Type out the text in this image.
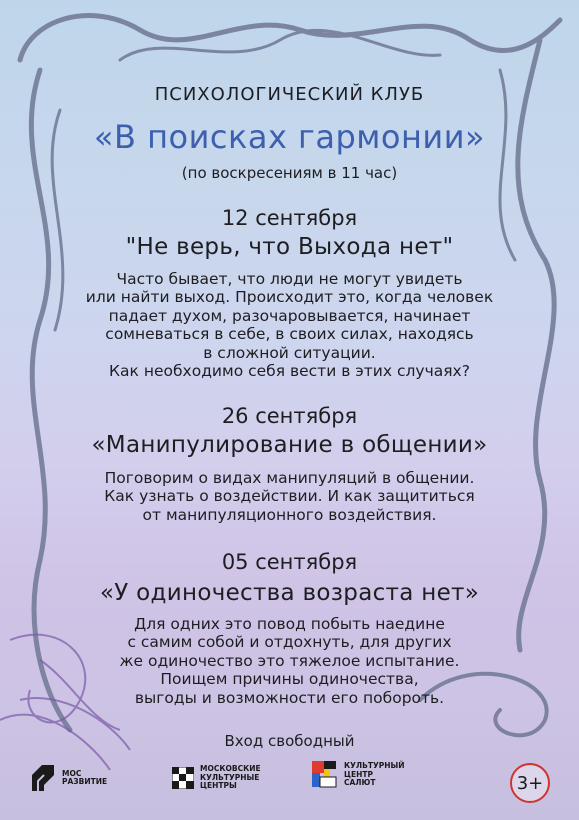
ПСИХОЛОГИЧЕСКИЙ КЛУБ
«В поисках гармонии»
(по воскресениям в 11 час)
12 сентября
"Не верь, что Выхода нет"
Часто бывает, что люди не могут увидеть
или найти выход. Происходит это, когда человек
падает духом, разочаровывается, начинает
сомневаться в себе, в своих силах, находясь
в сложной ситуации.
Как необходимо себя вести в этих случаях?
26 сентября
«Манипулирование в общении»
Поговорим о видах манипуляций в общении.
Как узнать о воздействии. И как защититься
от манипуляционного воздействия.
05 сентября
«У одиночества возраста нет»
Для одних это повод побыть наедине
с самим собой и отдохнуть, для других
же одиночество это тяжелое испытание.
Поищем причины одиночества,
выгоды и возможности его побороть.
Вход свободный
МОС
РАЗВИТИЕ
МОСКОВСКИЕ
КУЛЬТУРНЫЕ
ЦЕНТРЫ
КУЛЬТУРНЫЙ
ЦЕНТР
САЛЮТ	3+
